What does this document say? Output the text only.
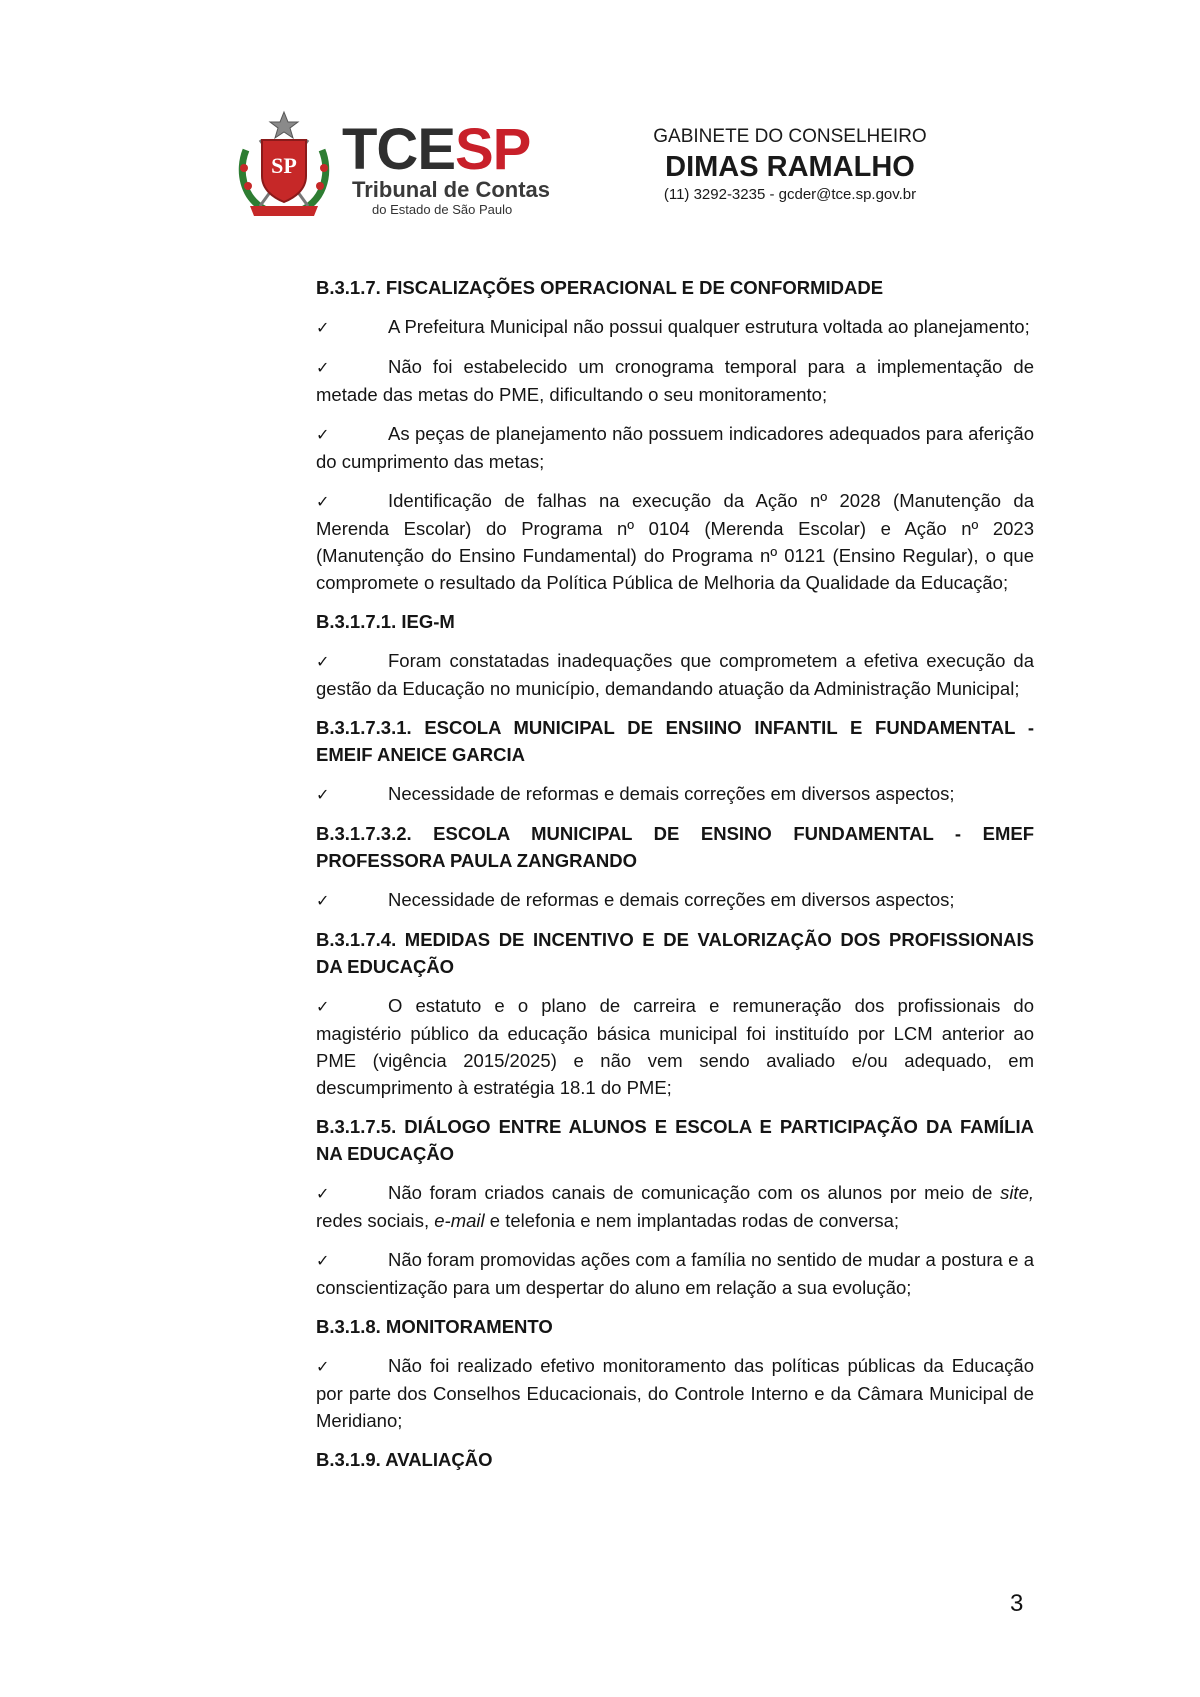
SP TCESP
Tribunal de Contas
do Estado de São Paulo
GABINETE DO CONSELHEIRO
DIMAS RAMALHO
(11) 3292-3235 - gcder@tce.sp.gov.br
B.3.1.7. FISCALIZAÇÕES OPERACIONAL E DE CONFORMIDADE
✓	A Prefeitura Municipal não possui qualquer estrutura voltada ao planejamento;
✓	Não foi estabelecido um cronograma temporal para a implementação de metade das metas do PME, dificultando o seu monitoramento;
✓	As peças de planejamento não possuem indicadores adequados para aferição do cumprimento das metas;
✓	Identificação de falhas na execução da Ação nº 2028 (Manutenção da Merenda Escolar) do Programa nº 0104 (Merenda Escolar) e Ação nº 2023 (Manutenção do Ensino Fundamental) do Programa nº 0121 (Ensino Regular), o que compromete o resultado da Política Pública de Melhoria da Qualidade da Educação;
B.3.1.7.1. IEG-M
✓	Foram constatadas inadequações que comprometem a efetiva execução da gestão da Educação no município, demandando atuação da Administração Municipal;
B.3.1.7.3.1. ESCOLA MUNICIPAL DE ENSIINO INFANTIL E FUNDAMENTAL - EMEIF ANEICE GARCIA
✓	Necessidade de reformas e demais correções em diversos aspectos;
B.3.1.7.3.2. ESCOLA MUNICIPAL DE ENSINO FUNDAMENTAL - EMEF PROFESSORA PAULA ZANGRANDO
✓	Necessidade de reformas e demais correções em diversos aspectos;
B.3.1.7.4. MEDIDAS DE INCENTIVO E DE VALORIZAÇÃO DOS PROFISSIONAIS DA EDUCAÇÃO
✓	O estatuto e o plano de carreira e remuneração dos profissionais do magistério público da educação básica municipal foi instituído por LCM anterior ao PME (vigência 2015/2025) e não vem sendo avaliado e/ou adequado, em descumprimento à estratégia 18.1 do PME;
B.3.1.7.5. DIÁLOGO ENTRE ALUNOS E ESCOLA E PARTICIPAÇÃO DA FAMÍLIA NA EDUCAÇÃO
✓	Não foram criados canais de comunicação com os alunos por meio de site, redes sociais, e-mail e telefonia e nem implantadas rodas de conversa;
✓	Não foram promovidas ações com a família no sentido de mudar a postura e a conscientização para um despertar do aluno em relação a sua evolução;
B.3.1.8. MONITORAMENTO
✓	Não foi realizado efetivo monitoramento das políticas públicas da Educação por parte dos Conselhos Educacionais, do Controle Interno e da Câmara Municipal de Meridiano;
B.3.1.9. AVALIAÇÃO
3
